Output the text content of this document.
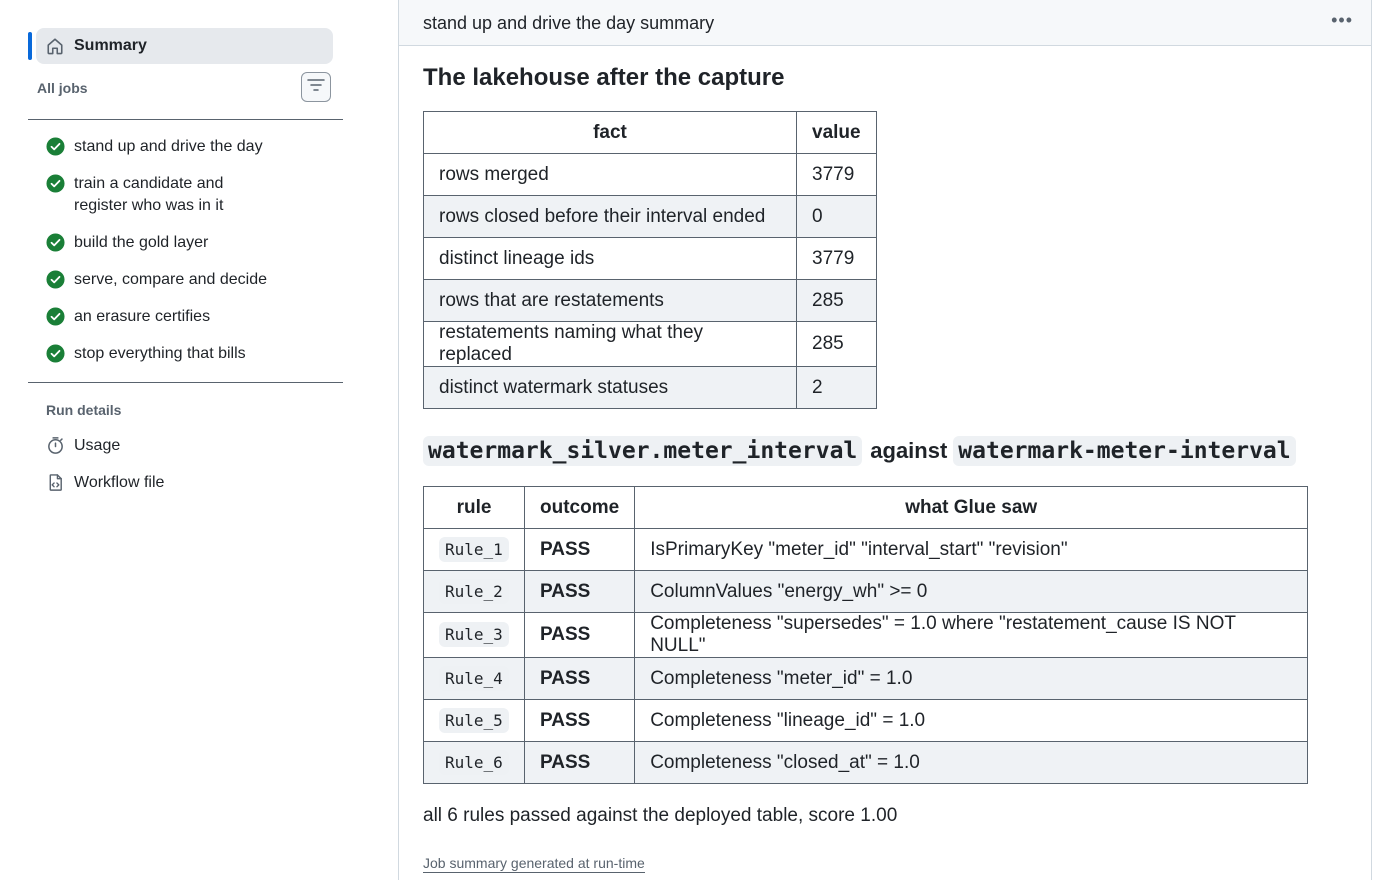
Summary
All jobs
stand up and drive the day
train a candidate and register who was in it
build the gold layer
serve, compare and decide
an erasure certifies
stop everything that bills
Run details
Usage
Workflow file
stand up and drive the day summary	•••
The lakehouse after the capture
fact	value
rows merged	3779
rows closed before their interval ended	0
distinct lineage ids	3779
rows that are restatements	285
restatements naming what they replaced	285
distinct watermark statuses	2
watermark_silver.meter_interval against watermark-meter-interval
rule	outcome	what Glue saw
Rule_1	PASS	IsPrimaryKey "meter_id" "interval_start" "revision"
Rule_2	PASS	ColumnValues "energy_wh" >= 0
Rule_3	PASS	Completeness "supersedes" = 1.0 where "restatement_cause IS NOT NULL"
Rule_4	PASS	Completeness "meter_id" = 1.0
Rule_5	PASS	Completeness "lineage_id" = 1.0
Rule_6	PASS	Completeness "closed_at" = 1.0
all 6 rules passed against the deployed table, score 1.00
Job summary generated at run-time
